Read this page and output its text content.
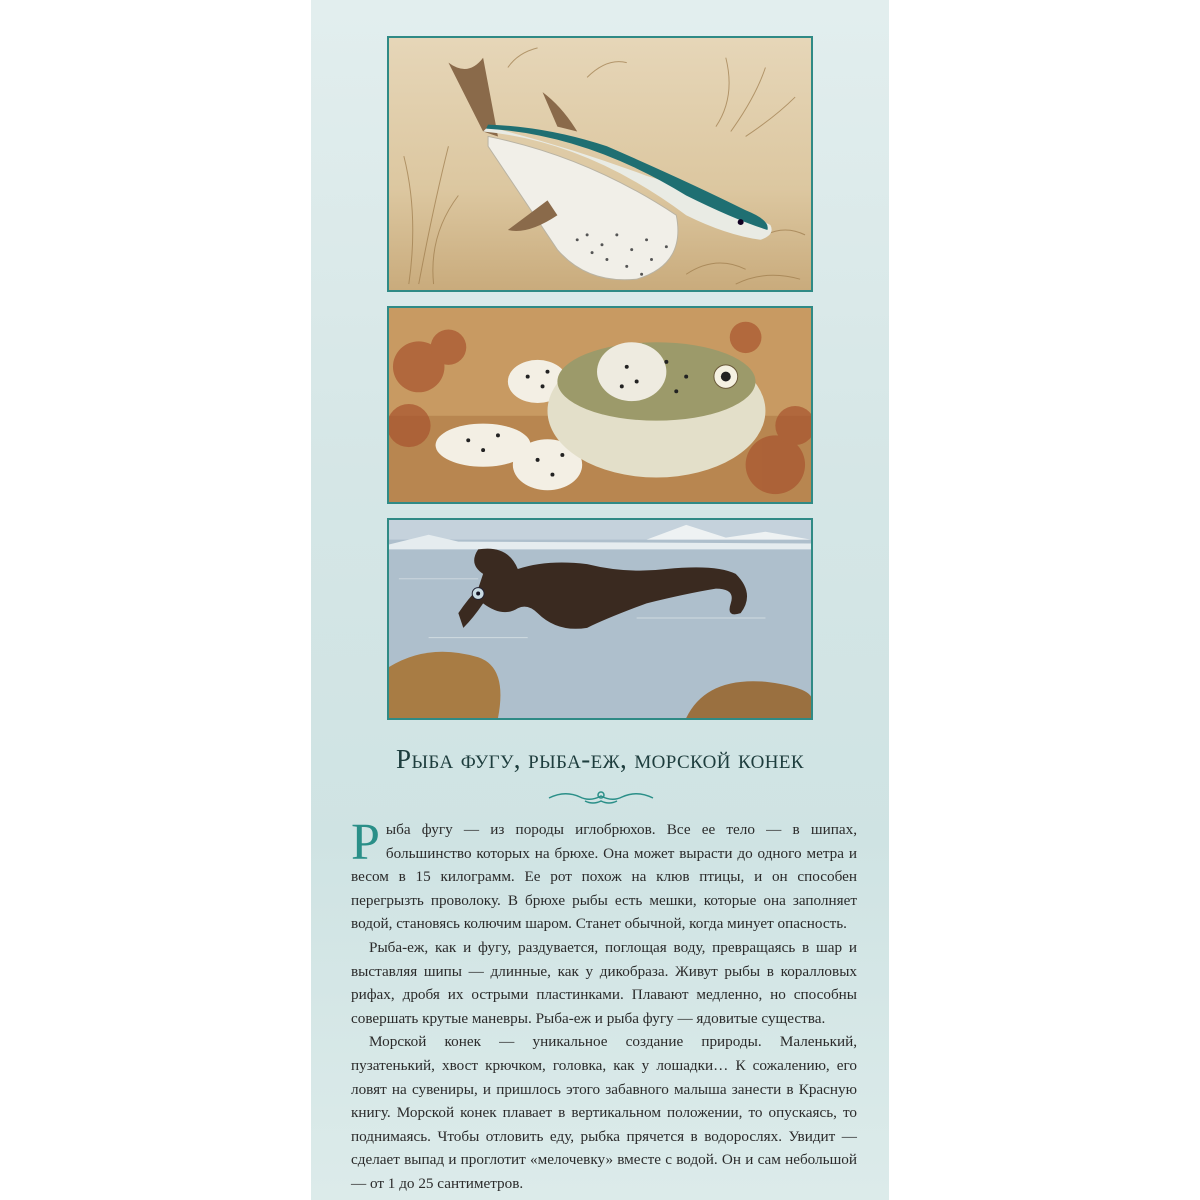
Рыба фугу, рыба-еж, морской конек

Рыба фугу — из породы иглобрюхов. Все ее тело — в шипах, большинство которых на брюхе. Она может вырасти до одного метра и весом в 15 килограмм. Ее рот похож на клюв птицы, и он способен перегрызть проволоку. В брюхе рыбы есть мешки, которые она заполняет водой, становясь колючим шаром. Станет обычной, когда минует опасность.

Рыба-еж, как и фугу, раздувается, поглощая воду, превращаясь в шар и выставляя шипы — длинные, как у дикобраза. Живут рыбы в коралловых рифах, дробя их острыми пластинками. Плавают медленно, но способны совершать крутые маневры. Рыба-еж и рыба фугу — ядовитые существа.

Морской конек — уникальное создание природы. Маленький, пузатенький, хвост крючком, головка, как у лошадки… К сожалению, его ловят на сувениры, и пришлось этого забавного малыша занести в Красную книгу. Морской конек плавает в вертикальном положении, то опускаясь, то поднимаясь. Чтобы отловить еду, рыбка прячется в водорослях. Увидит — сделает выпад и проглотит «мелочевку» вместе с водой. Он и сам небольшой — от 1 до 25 сантиметров.
